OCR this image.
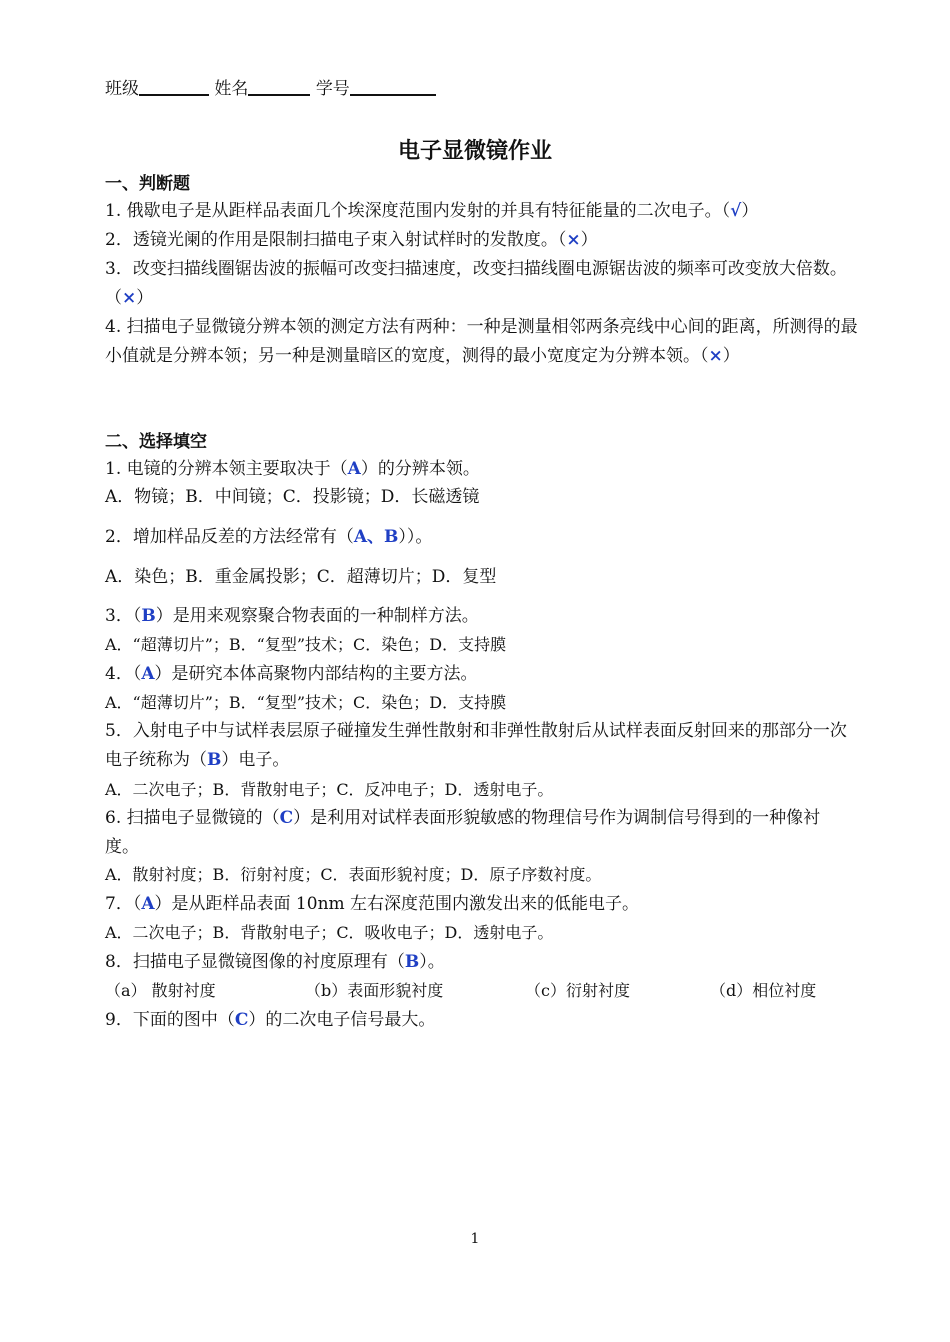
班级	姓名	学号
电子显微镜作业
一、判断题
1. 俄歇电子是从距样品表面几个埃深度范围内发射的并具有特征能量的二次电子。（√）
2．透镜光阑的作用是限制扫描电子束入射试样时的发散度。（×）
3．改变扫描线圈锯齿波的振幅可改变扫描速度，改变扫描线圈电源锯齿波的频率可改变放大倍数。（×）
4. 扫描电子显微镜分辨本领的测定方法有两种：一种是测量相邻两条亮线中心间的距离，所测得的最小值就是分辨本领；另一种是测量暗区的宽度，测得的最小宽度定为分辨本领。（×）
二、选择填空
1. 电镜的分辨本领主要取决于（A）的分辨本领。
A．物镜；B．中间镜；C．投影镜；D．长磁透镜
2．增加样品反差的方法经常有（A、B））。
A．染色；B．重金属投影；C．超薄切片；D．复型
3．（B）是用来观察聚合物表面的一种制样方法。
A．“超薄切片”；B．“复型”技术；C．染色；D．支持膜
4．（A）是研究本体高聚物内部结构的主要方法。
A．“超薄切片”；B．“复型”技术；C．染色；D．支持膜
5．入射电子中与试样表层原子碰撞发生弹性散射和非弹性散射后从试样表面反射回来的那部分一次电子统称为（B）电子。
A．二次电子；B．背散射电子；C．反冲电子；D．透射电子。
6. 扫描电子显微镜的（C）是利用对试样表面形貌敏感的物理信号作为调制信号得到的一种像衬度。
A．散射衬度；B．衍射衬度；C．表面形貌衬度；D．原子序数衬度。
7．（A）是从距样品表面 10nm 左右深度范围内激发出来的低能电子。
A．二次电子；B．背散射电子；C．吸收电子；D．透射电子。
8．扫描电子显微镜图像的衬度原理有（B）。
（a） 散射衬度	（b）表面形貌衬度	（c）衍射衬度	（d）相位衬度
9．下面的图中（C）的二次电子信号最大。
1
